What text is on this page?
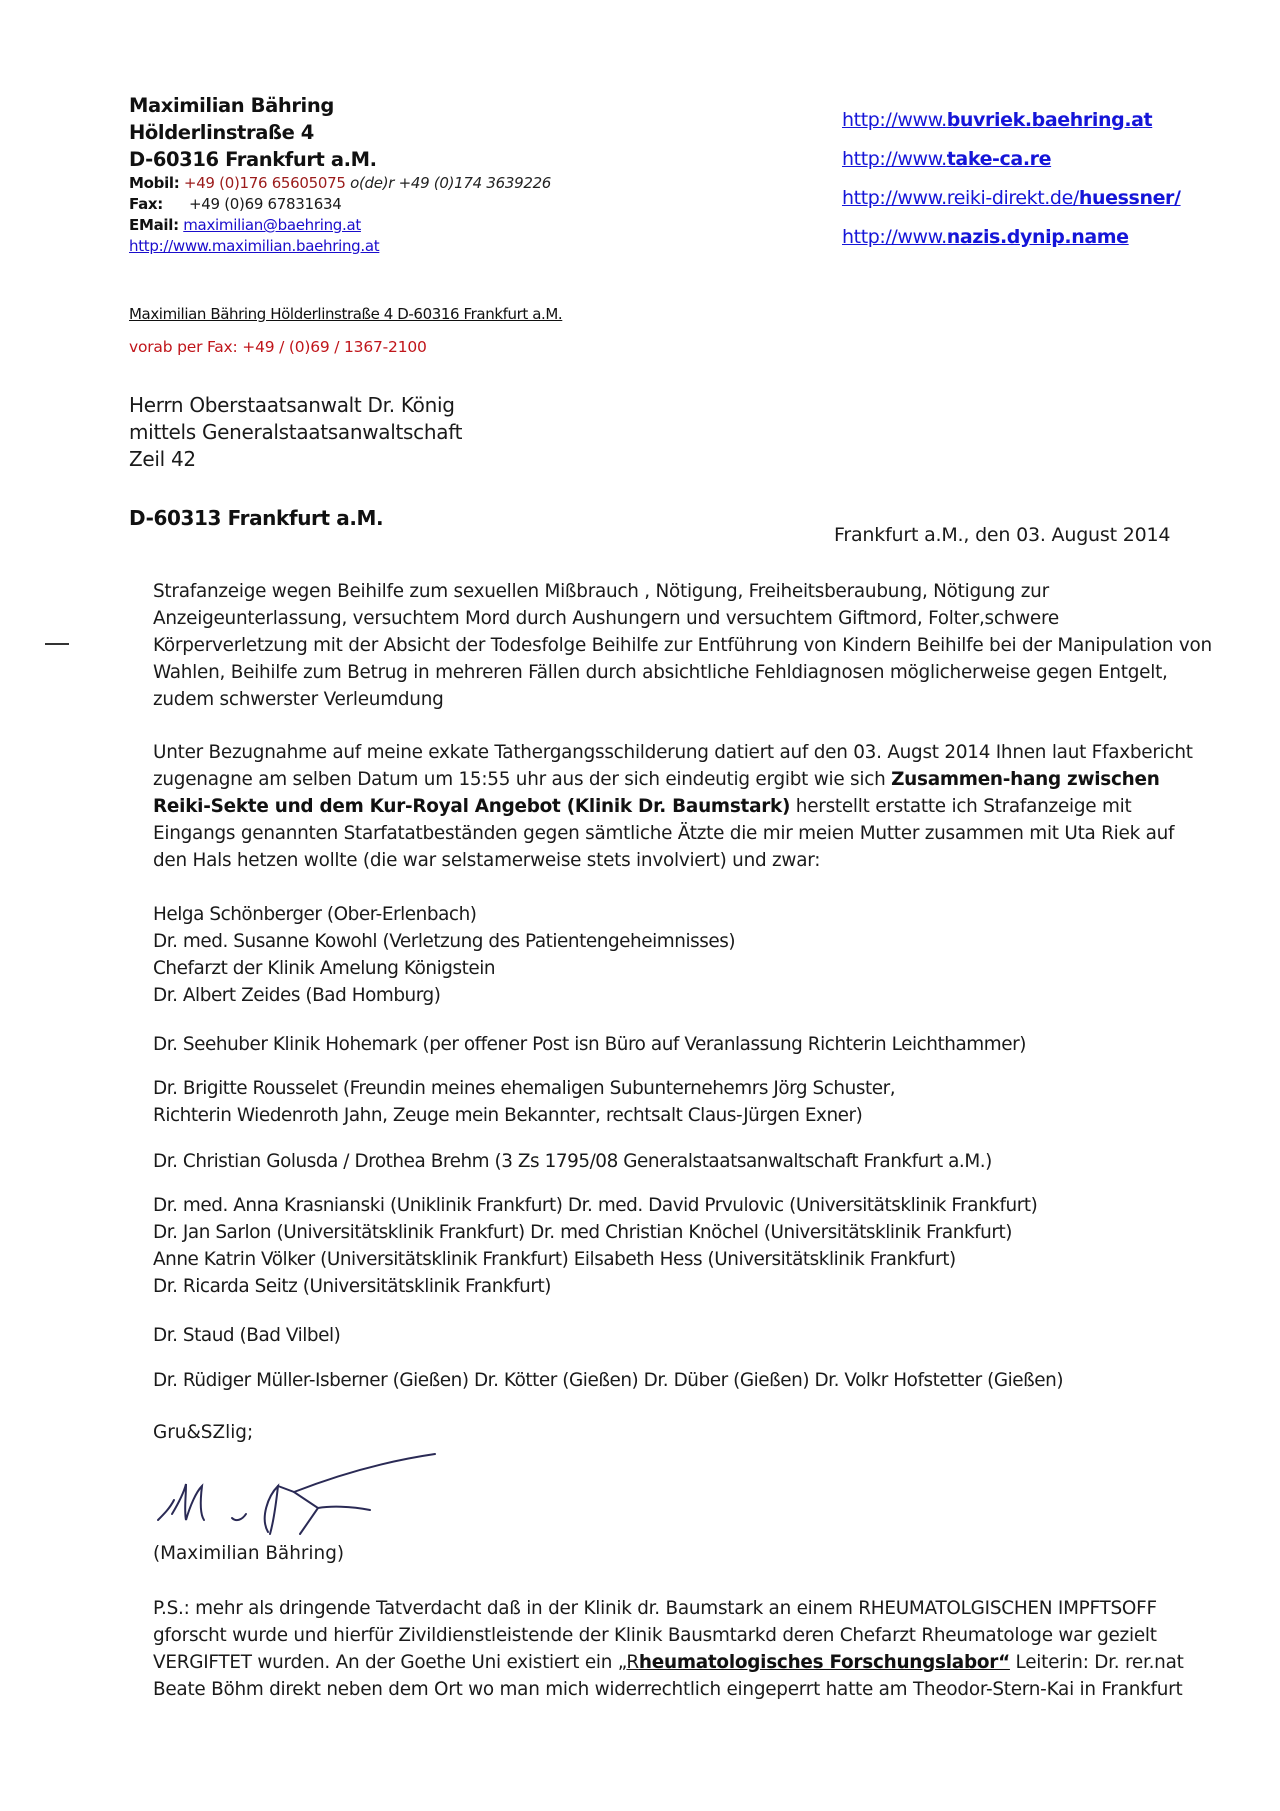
Maximilian Bähring
Hölderlinstraße 4
D-60316 Frankfurt a.M.
Mobil: +49 (0)176 65605075 o(de)r +49 (0)174 3639226
Fax: +49 (0)69 67831634
EMail: maximilian@baehring.at
http://www.maximilian.baehring.at
http://www.buvriek.baehring.at
http://www.take-ca.re
http://www.reiki-direkt.de/huessner/
http://www.nazis.dynip.name
Maximilian Bähring Hölderlinstraße 4 D-60316 Frankfurt a.M.
vorab per Fax: +49 / (0)69 / 1367-2100
Herrn Oberstaatsanwalt Dr. König
mittels Generalstaatsanwaltschaft
Zeil 42
D-60313 Frankfurt a.M.
Frankfurt a.M., den 03. August 2014
Strafanzeige wegen Beihilfe zum sexuellen Mißbrauch , Nötigung, Freiheitsberaubung, Nötigung zur Anzeigeunterlassung, versuchtem Mord durch Aushungern und versuchtem Giftmord, Folter,schwere Körperverletzung mit der Absicht der Todesfolge Beihilfe zur Entführung von Kindern Beihilfe bei der Manipulation von Wahlen, Beihilfe zum Betrug in mehreren Fällen durch absichtliche Fehldiagnosen möglicherweise gegen Entgelt, zudem schwerster Verleumdung
Unter Bezugnahme auf meine exkate Tathergangsschilderung datiert auf den 03. Augst 2014 Ihnen laut Ffaxbericht zugenagne am selben Datum um 15:55 uhr aus der sich eindeutig ergibt wie sich Zusammen-hang zwischen Reiki-Sekte und dem Kur-Royal Angebot (Klinik Dr. Baumstark) herstellt erstatte ich Strafanzeige mit Eingangs genannten Starfatatbeständen gegen sämtliche Ätzte die mir meien Mutter zusammen mit Uta Riek auf den Hals hetzen wollte (die war selstamerweise stets involviert) und zwar:
Helga Schönberger (Ober-Erlenbach)
Dr. med. Susanne Kowohl (Verletzung des Patientengeheimnisses)
Chefarzt der Klinik Amelung Königstein
Dr. Albert Zeides (Bad Homburg)
Dr. Seehuber Klinik Hohemark (per offener Post isn Büro auf Veranlassung Richterin Leichthammer)
Dr. Brigitte Rousselet (Freundin meines ehemaligen Subunternehemrs Jörg Schuster,
Richterin Wiedenroth Jahn, Zeuge mein Bekannter, rechtsalt Claus-Jürgen Exner)
Dr. Christian Golusda / Drothea Brehm (3 Zs 1795/08 Generalstaatsanwaltschaft Frankfurt a.M.)
Dr. med. Anna Krasnianski (Uniklinik Frankfurt) Dr. med. David Prvulovic (Universitätsklinik Frankfurt)
Dr. Jan Sarlon (Universitätsklinik Frankfurt) Dr. med Christian Knöchel (Universitätsklinik Frankfurt)
Anne Katrin Völker (Universitätsklinik Frankfurt) Eilsabeth Hess (Universitätsklinik Frankfurt)
Dr. Ricarda Seitz (Universitätsklinik Frankfurt)
Dr. Staud (Bad Vilbel)
Dr. Rüdiger Müller-Isberner (Gießen) Dr. Kötter (Gießen) Dr. Düber (Gießen) Dr. Volkr Hofstetter (Gießen)
Gru&SZlig;
(Maximilian Bähring)
P.S.: mehr als dringende Tatverdacht daß in der Klinik dr. Baumstark an einem RHEUMATOLGISCHEN IMPFTSOFF gforscht wurde und hierfür Zivildienstleistende der Klinik Bausmtarkd deren Chefarzt Rheumatologe war gezielt VERGIFTET wurden. An der Goethe Uni existiert ein „Rheumatologisches Forschungslabor“ Leiterin: Dr. rer.nat Beate Böhm direkt neben dem Ort wo man mich widerrechtlich eingeperrt hatte am Theodor-Stern-Kai in Frankfurt
